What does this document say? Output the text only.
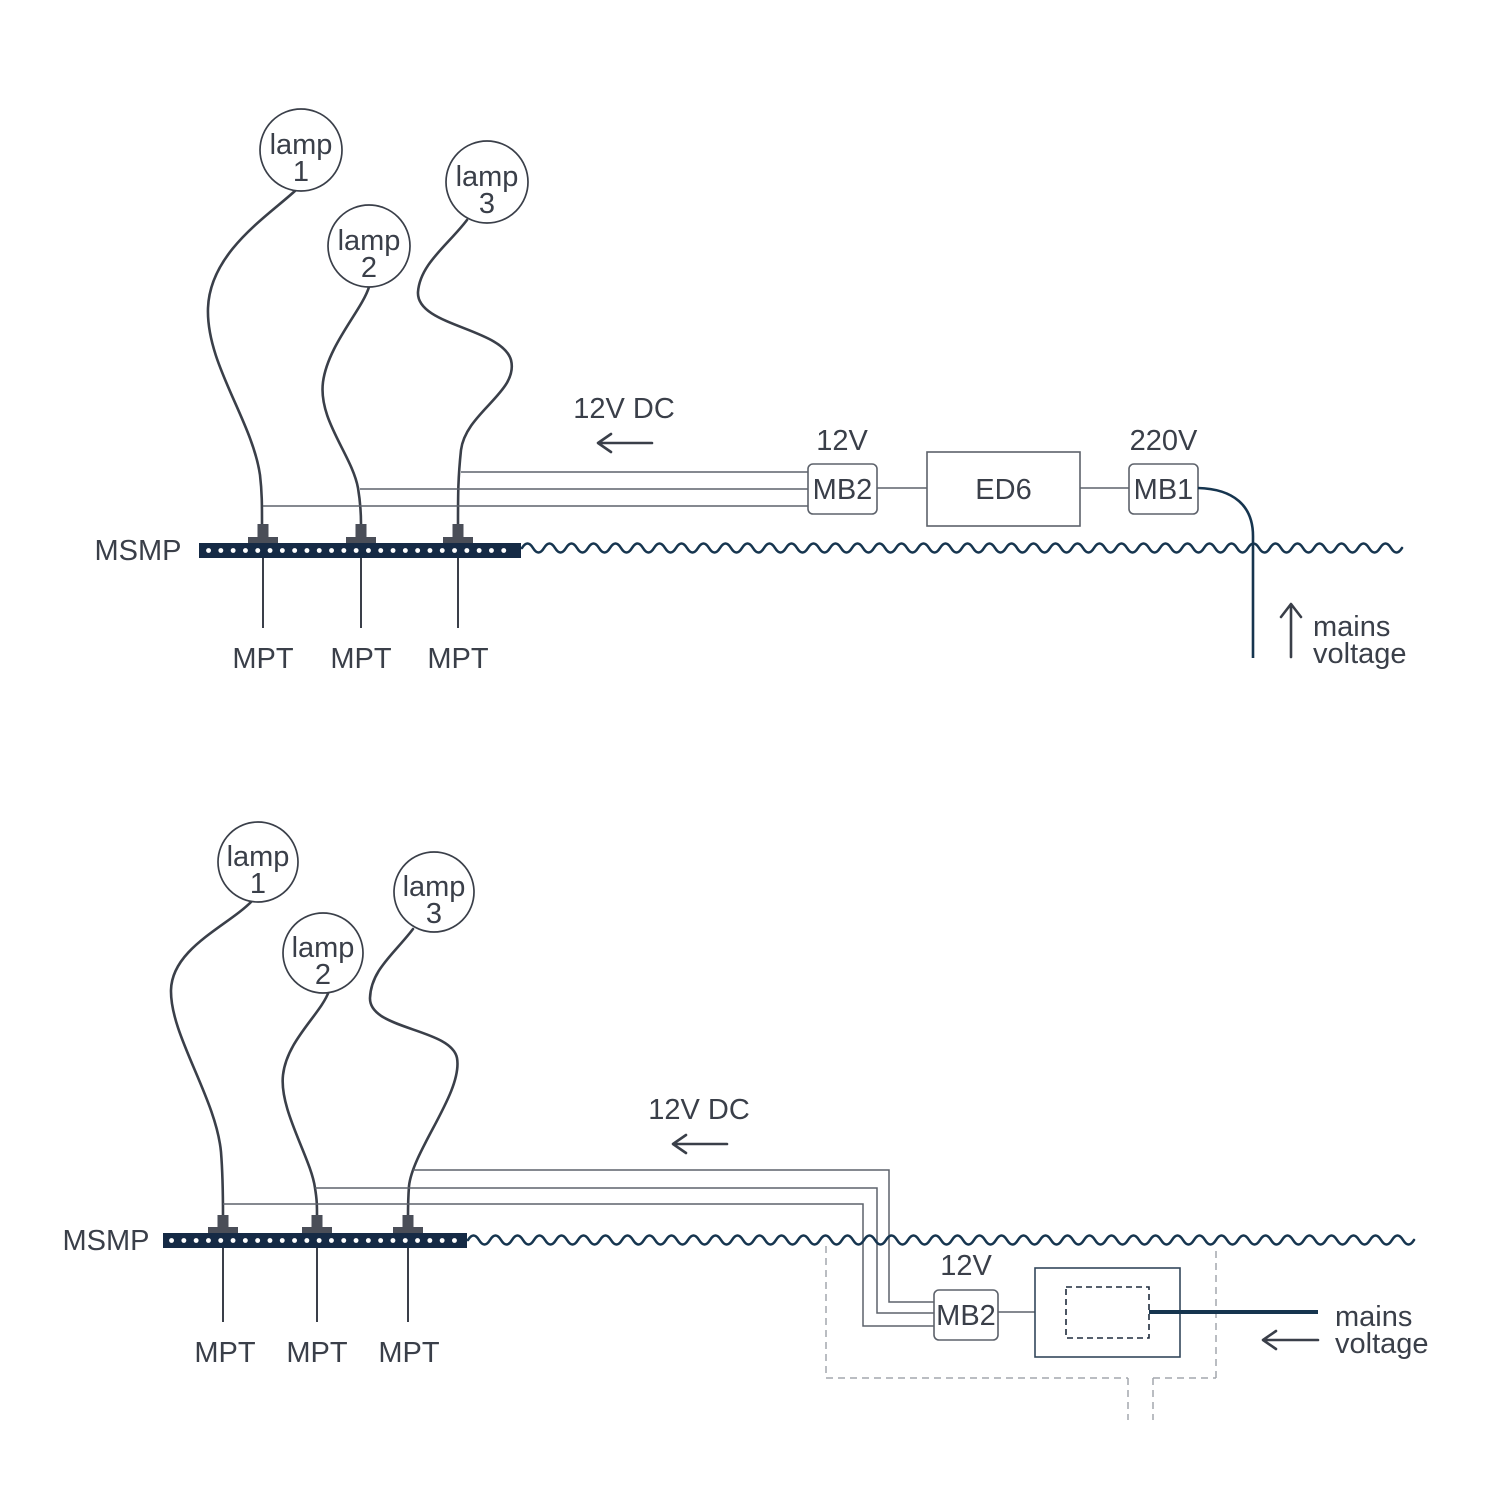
lamp
1
lamp
2
lamp
3
12V DC
12V
MB2	ED6
220V
MB1
mains
voltage
MSMP
MPT MPT MPT
lamp
1
lamp
2
lamp
3
12V DC
MSMP
MPT MPT MPT
12V
MB2	mains
voltage
